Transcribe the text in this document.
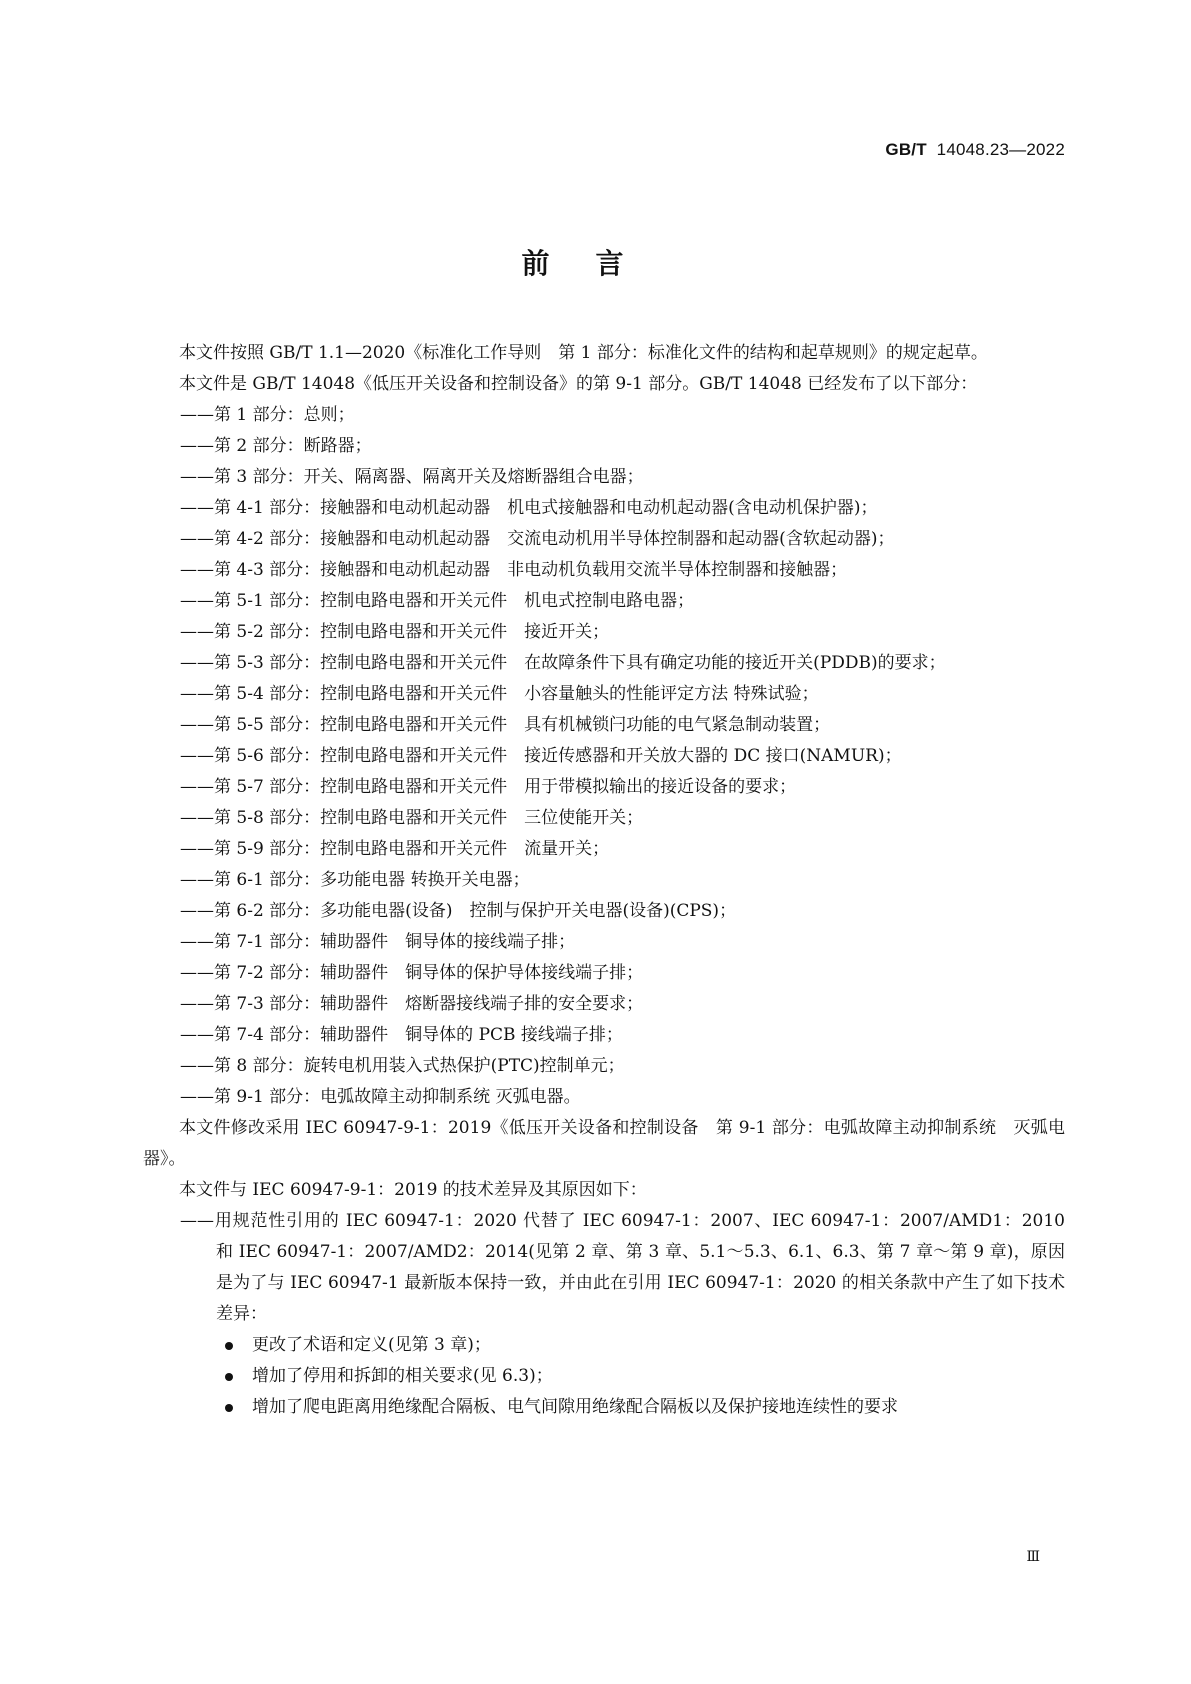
GB/T 14048.23—2022
前言

本文件按照 GB/T 1.1—2020《标准化工作导则　第 1 部分：标准化文件的结构和起草规则》的规定起草。

本文件是 GB/T 14048《低压开关设备和控制设备》的第 9-1 部分。GB/T 14048 已经发布了以下部分：

—— 第 1 部分：总则；

—— 第 2 部分：断路器；

—— 第 3 部分：开关、隔离器、隔离开关及熔断器组合电器；

—— 第 4-1 部分：接触器和电动机起动器　机电式接触器和电动机起动器(含电动机保护器)；

—— 第 4-2 部分：接触器和电动机起动器　交流电动机用半导体控制器和起动器(含软起动器)；

—— 第 4-3 部分：接触器和电动机起动器　非电动机负载用交流半导体控制器和接触器；

—— 第 5-1 部分：控制电路电器和开关元件　机电式控制电路电器；

—— 第 5-2 部分：控制电路电器和开关元件　接近开关；

—— 第 5-3 部分：控制电路电器和开关元件　在故障条件下具有确定功能的接近开关(PDDB)的要求；

—— 第 5-4 部分：控制电路电器和开关元件　小容量触头的性能评定方法 特殊试验；

—— 第 5-5 部分：控制电路电器和开关元件　具有机械锁闩功能的电气紧急制动装置；

—— 第 5-6 部分：控制电路电器和开关元件　接近传感器和开关放大器的 DC 接口(NAMUR)；

—— 第 5-7 部分：控制电路电器和开关元件　用于带模拟输出的接近设备的要求；

—— 第 5-8 部分：控制电路电器和开关元件　三位使能开关；

—— 第 5-9 部分：控制电路电器和开关元件　流量开关；

—— 第 6-1 部分：多功能电器 转换开关电器；

—— 第 6-2 部分：多功能电器(设备)　控制与保护开关电器(设备)(CPS)；

—— 第 7-1 部分：辅助器件　铜导体的接线端子排；

—— 第 7-2 部分：辅助器件　铜导体的保护导体接线端子排；

—— 第 7-3 部分：辅助器件　熔断器接线端子排的安全要求；

—— 第 7-4 部分：辅助器件　铜导体的 PCB 接线端子排；

—— 第 8 部分：旋转电机用装入式热保护(PTC)控制单元；

—— 第 9-1 部分：电弧故障主动抑制系统 灭弧电器。

本文件修改采用 IEC 60947-9-1：2019《低压开关设备和控制设备　第 9-1 部分：电弧故障主动抑制系统　灭弧电器》。

本文件与 IEC 60947-9-1：2019 的技术差异及其原因如下：

—— 用规范性引用的 IEC 60947-1：2020 代替了 IEC 60947-1：2007、IEC 60947-1：2007/AMD1：2010 和 IEC 60947-1：2007/AMD2：2014(见第 2 章、第 3 章、5.1～5.3、6.1、6.3、第 7 章～第 9 章)，原因是为了与 IEC 60947-1 最新版本保持一致，并由此在引用 IEC 60947-1：2020 的相关条款中产生了如下技术差异：

更改了术语和定义(见第 3 章)；

增加了停用和拆卸的相关要求(见 6.3)；

增加了爬电距离用绝缘配合隔板、电气间隙用绝缘配合隔板以及保护接地连续性的要求

Ⅲ
